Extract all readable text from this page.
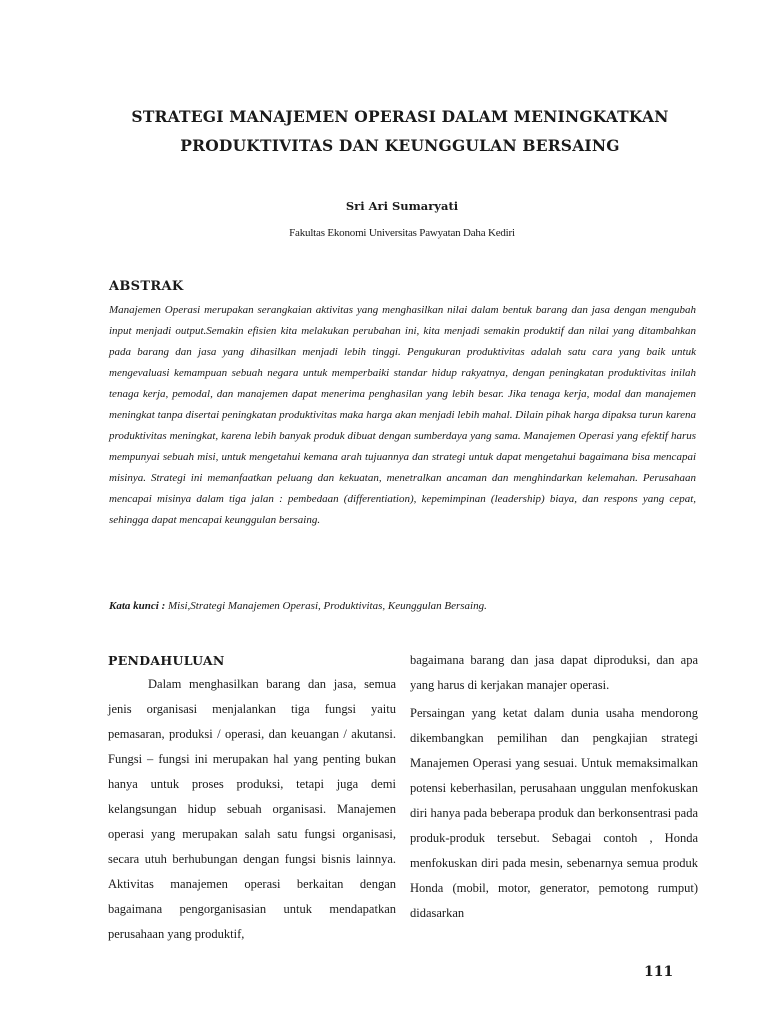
STRATEGI MANAJEMEN OPERASI DALAM MENINGKATKAN
PRODUKTIVITAS DAN KEUNGGULAN BERSAING
Sri Ari Sumaryati
Fakultas Ekonomi Universitas Pawyatan Daha Kediri
ABSTRAK

Manajemen Operasi merupakan serangkaian aktivitas yang menghasilkan nilai dalam bentuk barang dan jasa dengan mengubah input menjadi output.Semakin efisien kita melakukan perubahan ini, kita menjadi semakin produktif dan nilai yang ditambahkan pada barang dan jasa yang dihasilkan menjadi lebih tinggi. Pengukuran produktivitas adalah satu cara yang baik untuk mengevaluasi kemampuan sebuah negara untuk memperbaiki standar hidup rakyatnya, dengan peningkatan produktivitas inilah tenaga kerja, pemodal, dan manajemen dapat menerima penghasilan yang lebih besar. Jika tenaga kerja, modal dan manajemen meningkat tanpa disertai peningkatan produktivitas maka harga akan menjadi lebih mahal. Dilain pihak harga dipaksa turun karena produktivitas meningkat, karena lebih banyak produk dibuat dengan sumberdaya yang sama. Manajemen Operasi yang efektif harus mempunyai sebuah misi, untuk mengetahui kemana arah tujuannya dan strategi untuk dapat mengetahui bagaimana bisa mencapai misinya. Strategi ini memanfaatkan peluang dan kekuatan, menetralkan ancaman dan menghindarkan kelemahan. Perusahaan mencapai misinya dalam tiga jalan : pembedaan (differentiation), kepemimpinan (leadership) biaya, dan respons yang cepat, sehingga dapat mencapai keunggulan bersaing.

Kata kunci : Misi,Strategi Manajemen Operasi, Produktivitas, Keunggulan Bersaing.
PENDAHULUAN

Dalam menghasilkan barang dan jasa, semua jenis organisasi menjalankan tiga fungsi yaitu pemasaran, produksi / operasi, dan keuangan / akutansi. Fungsi – fungsi ini merupakan hal yang penting bukan hanya untuk proses produksi, tetapi juga demi kelangsungan hidup sebuah organisasi. Manajemen operasi yang merupakan salah satu fungsi organisasi, secara utuh berhubungan dengan fungsi bisnis lainnya. Aktivitas manajemen operasi berkaitan dengan bagaimana pengorganisasian untuk mendapatkan perusahaan yang produktif,

bagaimana barang dan jasa dapat diproduksi, dan apa yang harus di kerjakan manajer operasi.

Persaingan yang ketat dalam dunia usaha mendorong dikembangkan pemilihan dan pengkajian strategi Manajemen Operasi yang sesuai. Untuk memaksimalkan potensi keberhasilan, perusahaan unggulan menfokuskan diri hanya pada beberapa produk dan berkonsentrasi pada produk-produk tersebut. Sebagai contoh , Honda menfokuskan diri pada mesin, sebenarnya semua produk Honda (mobil, motor, generator, pemotong rumput) didasarkan

111
